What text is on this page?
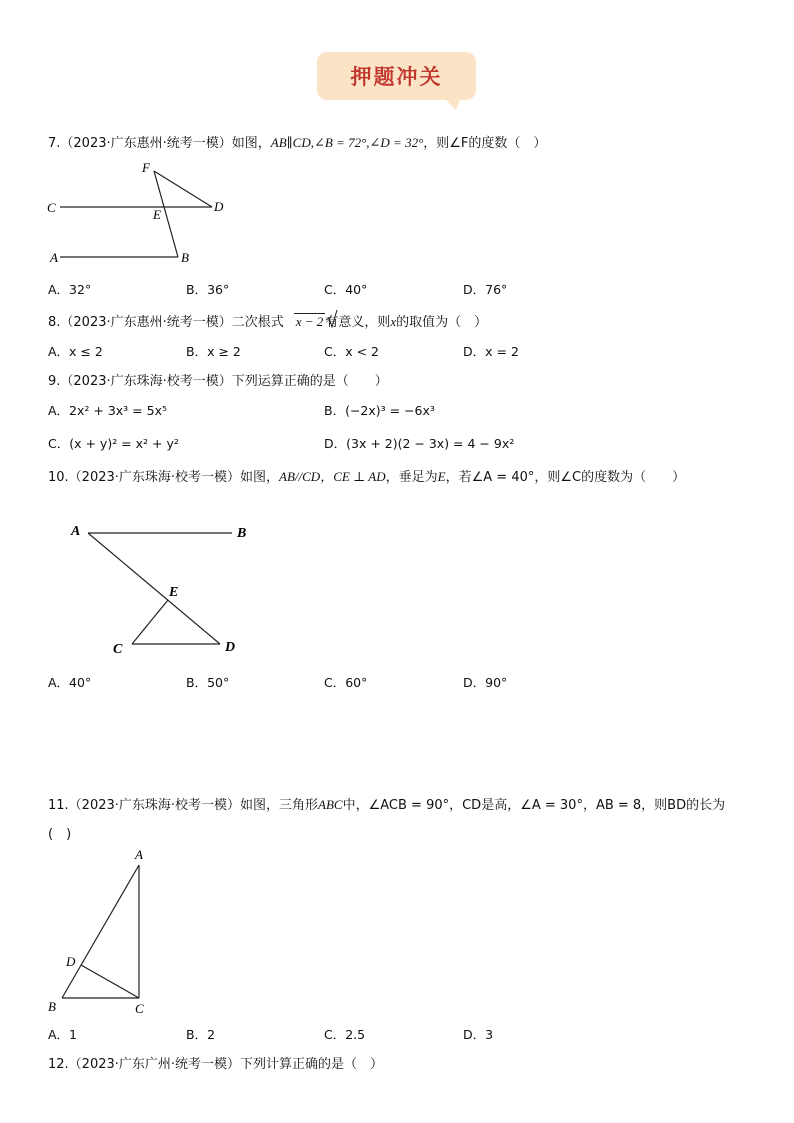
押题冲关
7.（2023·广东惠州·统考一模）如图，AB∥CD,∠B = 72°,∠D = 32°，则∠F的度数（　）
F
C	E
D
A	B
A．32°	B．36°	C．40°	D．76°
8.（2023·广东惠州·统考一模）二次根式 x − 2 有意义，则x的取值为（　）
A．x ≤ 2	B．x ≥ 2	C．x < 2	D．x = 2
9.（2023·广东珠海·校考一模）下列运算正确的是（　　）
A．2x² + 3x³ = 5x⁵	B．(−2x)³ = −6x³
C．(x + y)² = x² + y²	D．(3x + 2)(2 − 3x) = 4 − 9x²
10.（2023·广东珠海·校考一模）如图，AB//CD，CE ⊥ AD，垂足为E，若∠A = 40°，则∠C的度数为（　　）
A	B
E
C	D
A．40°	B．50°	C．60°	D．90°
11.（2023·广东珠海·校考一模）如图，三角形ABC中，∠ACB = 90°，CD是高，∠A = 30°，AB = 8，则BD的长为
(　)
A
D
B	C
A．1	B．2	C．2.5	D．3
12.（2023·广东广州·统考一模）下列计算正确的是（　）
